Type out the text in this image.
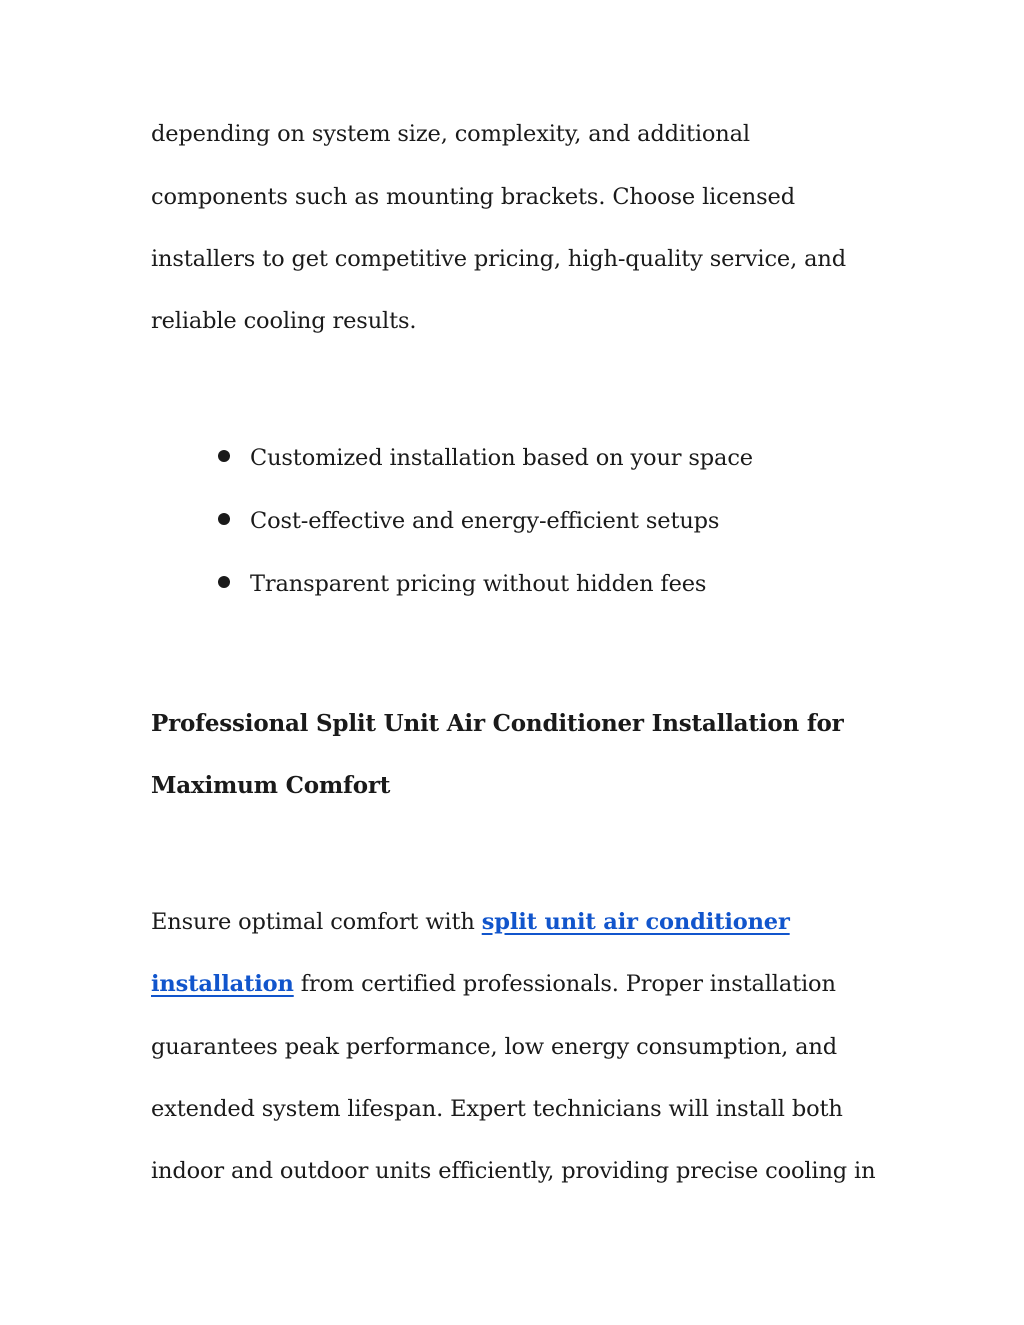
depending on system size, complexity, and additional
components such as mounting brackets. Choose licensed
installers to get competitive pricing, high-quality service, and
reliable cooling results.
Customized installation based on your space
Cost-effective and energy-efficient setups
Transparent pricing without hidden fees
Professional Split Unit Air Conditioner Installation for
Maximum Comfort
Ensure optimal comfort with split unit air conditioner
installation from certified professionals. Proper installation
guarantees peak performance, low energy consumption, and
extended system lifespan. Expert technicians will install both
indoor and outdoor units efficiently, providing precise cooling in
